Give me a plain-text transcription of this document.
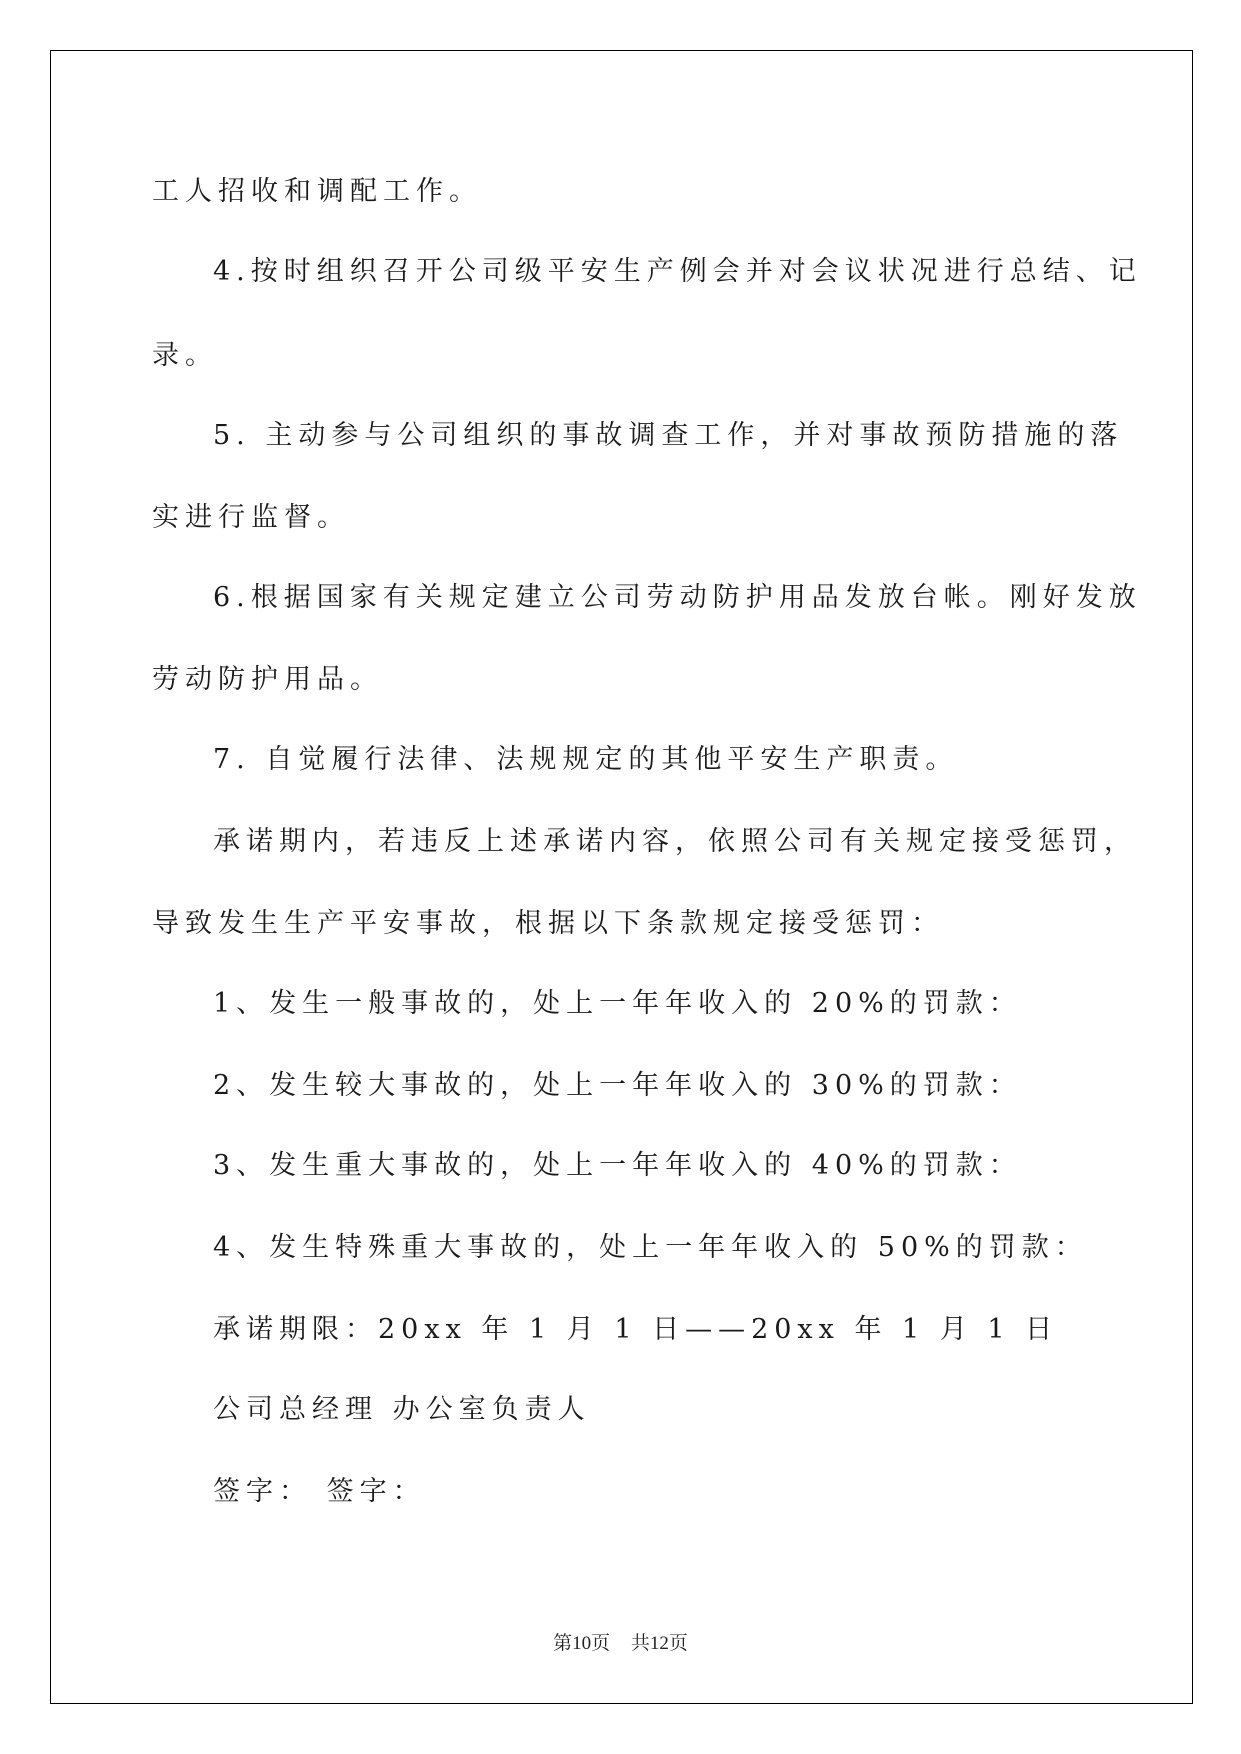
工人招收和调配工作。

4.按时组织召开公司级平安生产例会并对会议状况进行总结、记

录。

5. 主动参与公司组织的事故调查工作，并对事故预防措施的落

实进行监督。

6.根据国家有关规定建立公司劳动防护用品发放台帐。刚好发放

劳动防护用品。

7. 自觉履行法律、法规规定的其他平安生产职责。

承诺期内，若违反上述承诺内容，依照公司有关规定接受惩罚，

导致发生生产平安事故，根据以下条款规定接受惩罚：

1、发生一般事故的，处上一年年收入的 20%的罚款：

2、发生较大事故的，处上一年年收入的 30%的罚款：

3、发生重大事故的，处上一年年收入的 40%的罚款：

4、发生特殊重大事故的，处上一年年收入的 50%的罚款：

承诺期限：20xx 年 1 月 1 日——20xx 年 1 月 1 日

公司总经理 办公室负责人

签字： 签字：

第10页 共12页
